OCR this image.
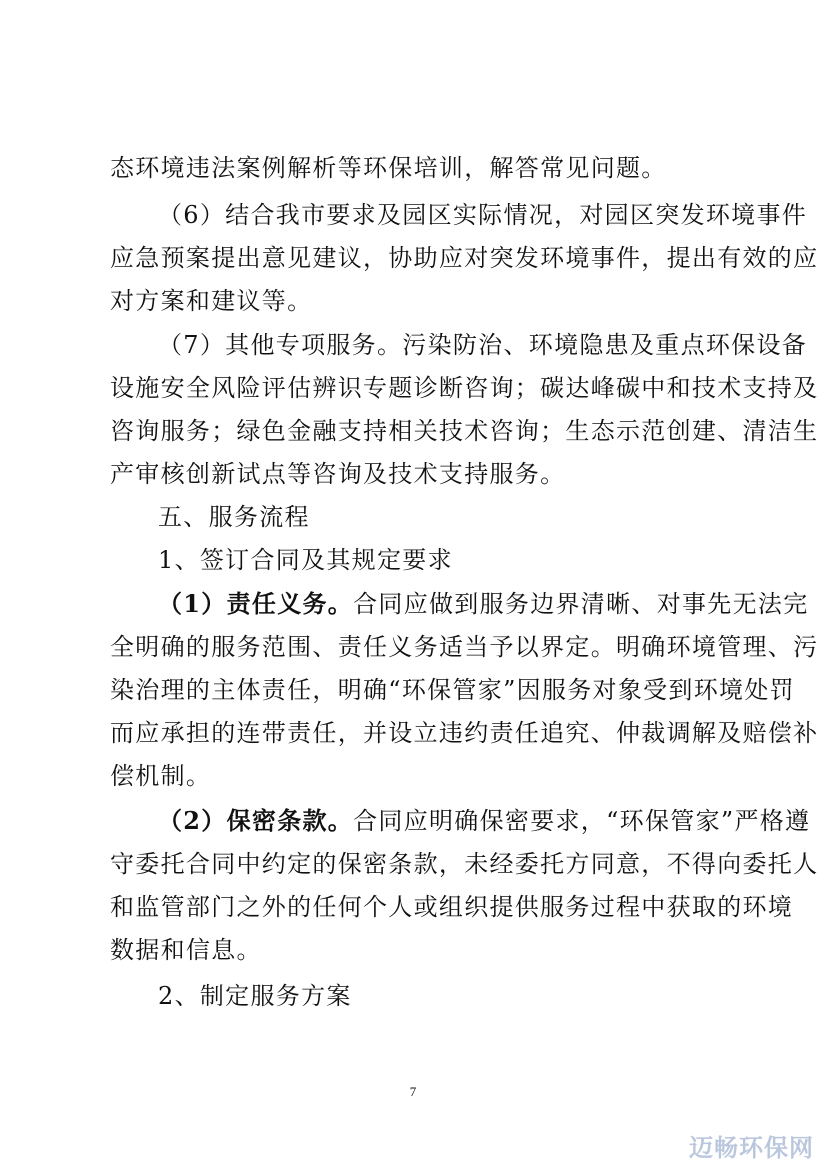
态环境违法案例解析等环保培训，解答常见问题。
（6）结合我市要求及园区实际情况，对园区突发环境事件
应急预案提出意见建议，协助应对突发环境事件，提出有效的应
对方案和建议等。
（7）其他专项服务。污染防治、环境隐患及重点环保设备
设施安全风险评估辨识专题诊断咨询；碳达峰碳中和技术支持及
咨询服务；绿色金融支持相关技术咨询；生态示范创建、清洁生
产审核创新试点等咨询及技术支持服务。
五、服务流程
1、签订合同及其规定要求
（1）责任义务。合同应做到服务边界清晰、对事先无法完
全明确的服务范围、责任义务适当予以界定。明确环境管理、污
染治理的主体责任，明确“环保管家”因服务对象受到环境处罚
而应承担的连带责任，并设立违约责任追究、仲裁调解及赔偿补
偿机制。
（2）保密条款。合同应明确保密要求，“环保管家”严格遵
守委托合同中约定的保密条款，未经委托方同意，不得向委托人
和监管部门之外的任何个人或组织提供服务过程中获取的环境
数据和信息。
2、制定服务方案
7
迈畅环保网
